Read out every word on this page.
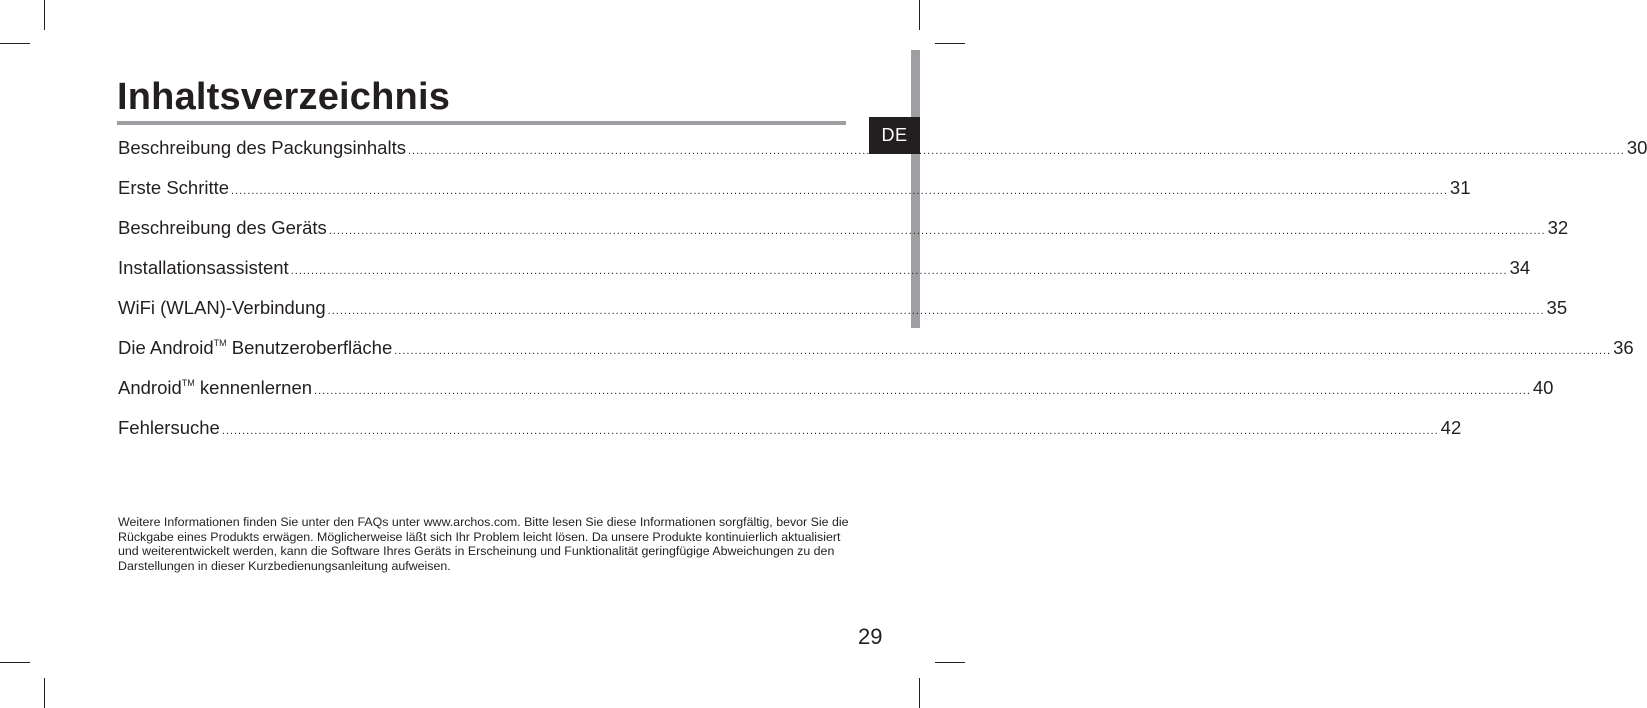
DE
Inhaltsverzeichnis
Beschreibung des Packungsinhalts ............................................................................................................................................................................................................................................................................................................ 30
Erste Schritte ............................................................................................................................................................................................................................................................................................................ 31
Beschreibung des Geräts ............................................................................................................................................................................................................................................................................................................ 32
Installationsassistent ............................................................................................................................................................................................................................................................................................................ 34
WiFi (WLAN)-Verbindung ............................................................................................................................................................................................................................................................................................................ 35
Die Android™ Benutzeroberfläche ............................................................................................................................................................................................................................................................................................................ 36
Android™ kennenlernen ............................................................................................................................................................................................................................................................................................................ 40
Fehlersuche ............................................................................................................................................................................................................................................................................................................ 42

Weitere Informationen finden Sie unter den FAQs unter www.archos.com. Bitte lesen Sie diese Informationen sorgfältig, bevor Sie die Rückgabe eines Produkts erwägen. Möglicherweise läßt sich Ihr Problem leicht lösen. Da unsere Produkte kontinuierlich aktualisiert und weiterentwickelt werden, kann die Software Ihres Geräts in Erscheinung und Funktionalität geringfügige Abweichungen zu den Darstellungen in dieser Kurzbedienungsanleitung aufweisen.

29
